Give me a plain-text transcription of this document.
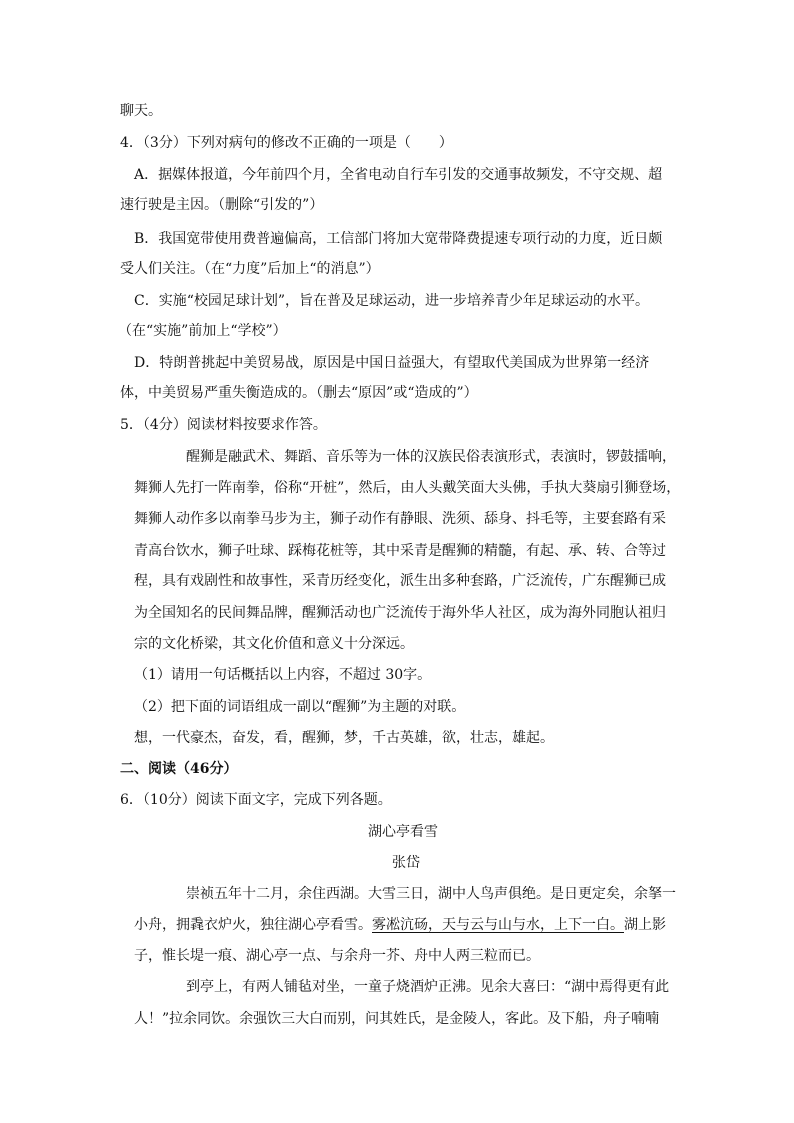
聊天。
4．（3分）下列对病句的修改不正确的一项是（　　）
A．据媒体报道，今年前四个月，全省电动自行车引发的交通事故频发，不守交规、超
速行驶是主因。（删除“引发的”）
B．我国宽带使用费普遍偏高，工信部门将加大宽带降费提速专项行动的力度，近日颇
受人们关注。（在“力度”后加上“的消息”）
C．实施“校园足球计划”，旨在普及足球运动，进一步培养青少年足球运动的水平。
（在“实施”前加上“学校”）
D．特朗普挑起中美贸易战，原因是中国日益强大，有望取代美国成为世界第一经济
体，中美贸易严重失衡造成的。（删去“原因”或“造成的”）
5．（4分）阅读材料按要求作答。
醒狮是融武术、舞蹈、音乐等为一体的汉族民俗表演形式，表演时，锣鼓擂响，
舞狮人先打一阵南拳，俗称“开桩”，然后，由人头戴笑面大头佛，手执大葵扇引狮登场，
舞狮人动作多以南拳马步为主，狮子动作有静眼、洗须、舔身、抖毛等，主要套路有采
青高台饮水，狮子吐球、踩梅花桩等，其中采青是醒狮的精髓，有起、承、转、合等过
程，具有戏剧性和故事性，采青历经变化，派生出多种套路，广泛流传，广东醒狮已成
为全国知名的民间舞品牌，醒狮活动也广泛流传于海外华人社区，成为海外同胞认祖归
宗的文化桥梁，其文化价值和意义十分深远。
（1）请用一句话概括以上内容，不超过 30字。
（2）把下面的词语组成一副以“醒狮”为主题的对联。
想，一代豪杰，奋发，看，醒狮，梦，千古英雄，欲，壮志，雄起。
二、阅读（46分）
6．（10分）阅读下面文字，完成下列各题。
湖心亭看雪
张岱
崇祯五年十二月，余住西湖。大雪三日，湖中人鸟声俱绝。是日更定矣，余拏一
小舟，拥毳衣炉火，独往湖心亭看雪。雾凇沆砀，天与云与山与水，上下一白。湖上影
子，惟长堤一痕、湖心亭一点、与余舟一芥、舟中人两三粒而已。
到亭上，有两人铺毡对坐，一童子烧酒炉正沸。见余大喜曰：“湖中焉得更有此
人！”拉余同饮。余强饮三大白而别，问其姓氏，是金陵人，客此。及下船，舟子喃喃
